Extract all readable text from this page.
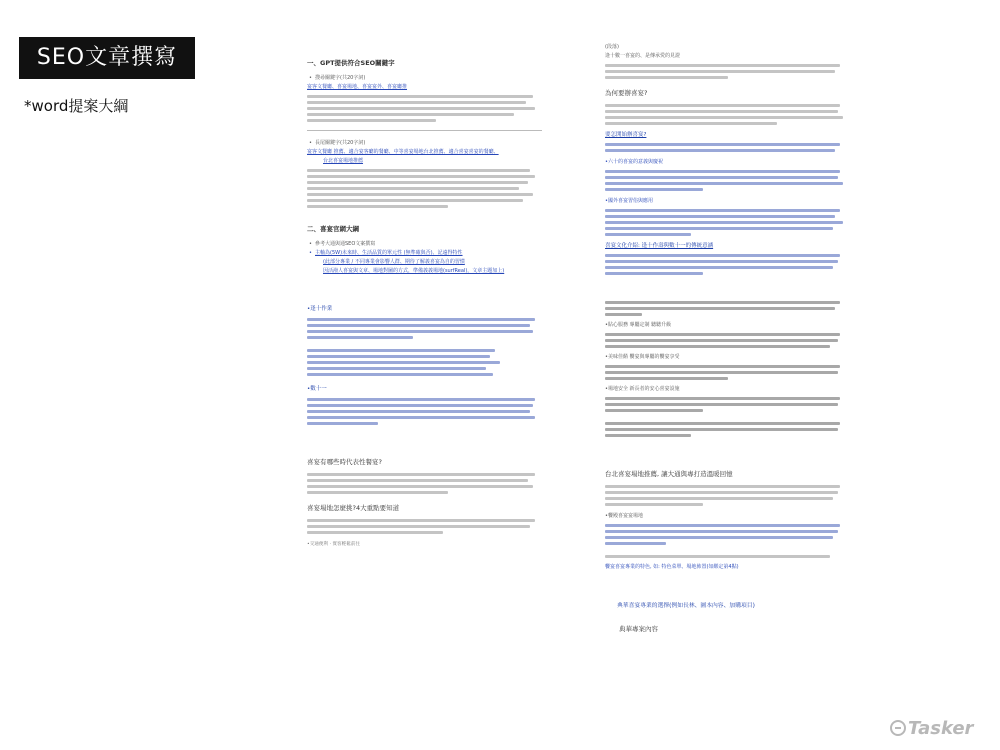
SEO文章撰寫
*word提案大綱
一、GPT提供符合SEO關鍵字
• 搜尋關鍵字(共20字詞)
宴客文餐廳、喜宴場地、喜宴宴外、喜宴廳推
• 長尾關鍵字(共20字詞)
宴客文餐廳 推薦、適合宴客廳的餐廳、中等喜宴場地台北推薦、適合喜宴喜宴的餐廳、
台北喜宴場地推薦
二、喜宴官網大綱
• 參考大通與通SEO文案撰寫
• 主軸為(5W)未來時、生活品質的單元性 (無準確與否)、記遠得特性
(此部分專業 / 不同專業會影響人群、期待了解義喜宴為自的習慣
因活潑人喜宴與文章、場地對圖的方式，準備義義場地(surfReal)，文章主題加上)
•逢十作業
•數十一
喜宴有哪些時代表性餐宴?
喜宴場地怎麼挑?4大重點要知道
•交通便利 · 實客輕鬆前往
(段落)
逢十數一喜宴的、是傳承愛的見證
為何要辦喜宴?
要怎開始辦喜宴?
•六十的喜宴的意義與慶祝
•國外喜宴習俗與應用
喜宴文化介紹: 逢十作壽與數十一的傳統意涵
•貼心服務 專屬定制 聽聽升級
•美味佳餚 饗宴與專屬的饗宴享受
•場地安全 新長者的安心喜宴設施
台北喜宴場地推薦, 讓大通與專打造溫暖回憶
•饗殿喜宴宴場地
饗宴喜宴專業的特色, 如: 特色菜單、場地佈置(如綁定第4點)
典華喜宴專業的選擇(例如長林、圖本內容、加購項目)
典華專案內容
Tasker
